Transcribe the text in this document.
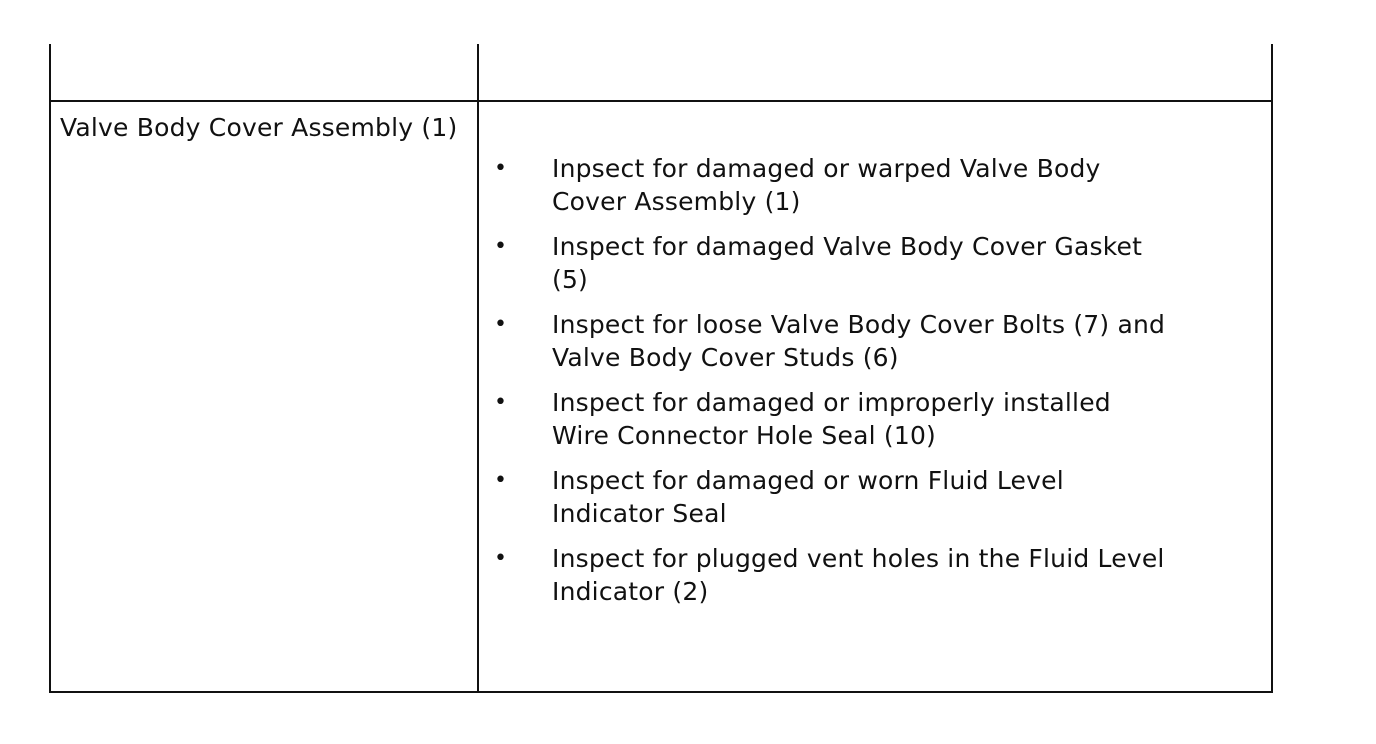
Valve Body Cover Assembly (1)
• Inpsect for damaged or warped Valve Body Cover Assembly (1)
• Inspect for damaged Valve Body Cover Gasket (5)
• Inspect for loose Valve Body Cover Bolts (7) and Valve Body Cover Studs (6)
• Inspect for damaged or improperly installed Wire Connector Hole Seal (10)
• Inspect for damaged or worn Fluid Level Indicator Seal
• Inspect for plugged vent holes in the Fluid Level Indicator (2)
